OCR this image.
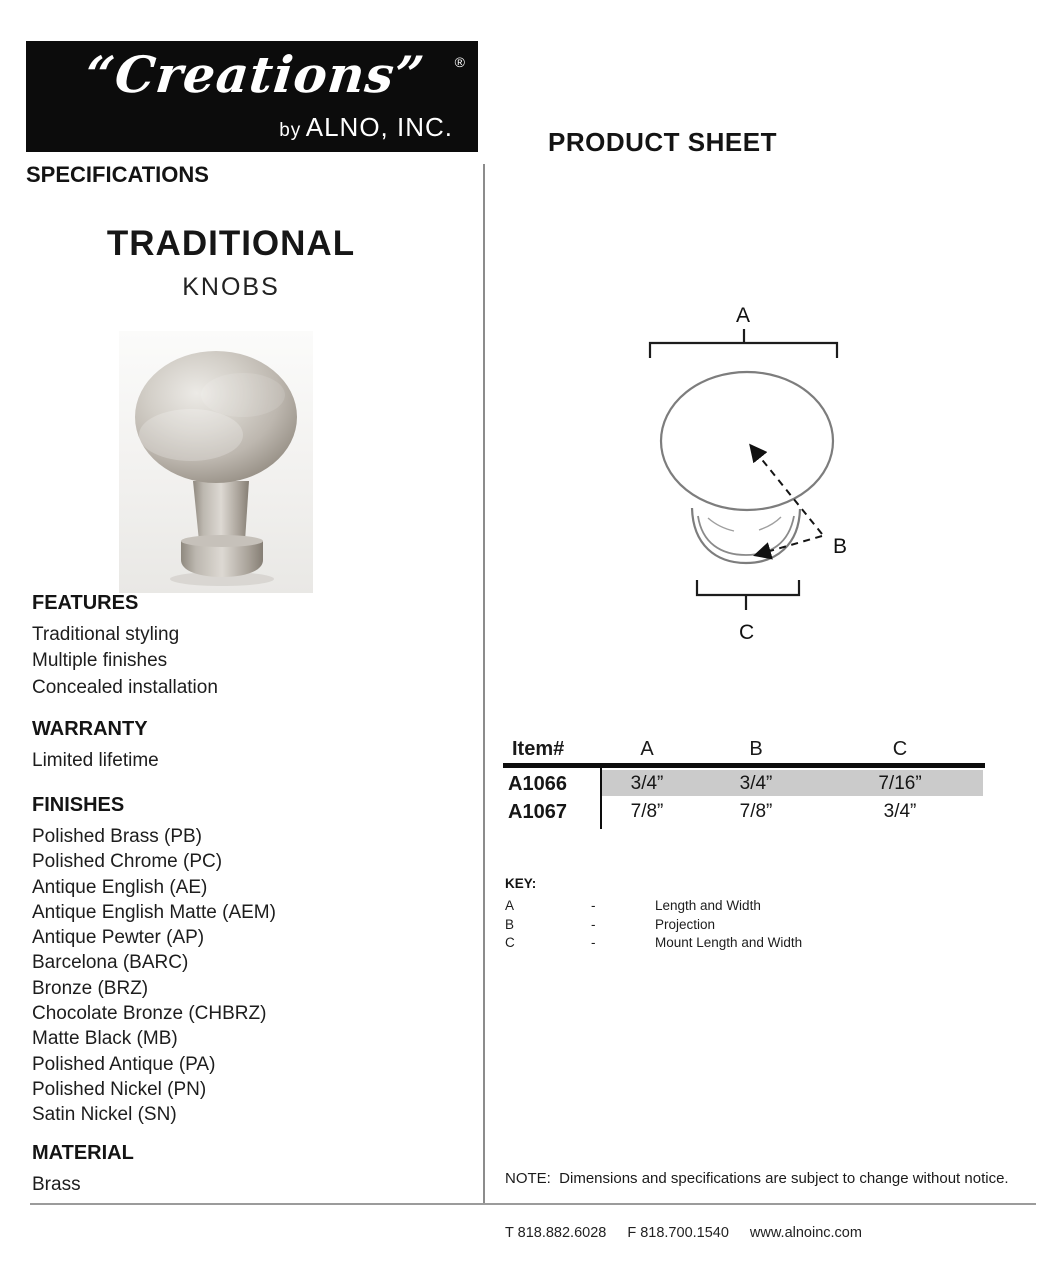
“Creations”	®
by ALNO, INC.	PRODUCT SHEET
SPECIFICATIONS
TRADITIONAL
KNOBS
FEATURES
Traditional styling
Multiple finishes
Concealed installation
WARRANTY
Limited lifetime
FINISHES
Polished Brass (PB)
Polished Chrome (PC)
Antique English (AE)
Antique English Matte (AEM)
Antique Pewter (AP)
Barcelona (BARC)
Bronze (BRZ)
Chocolate Bronze (CHBRZ)
Matte Black (MB)
Polished Antique (PA)
Polished Nickel (PN)
Satin Nickel (SN)
MATERIAL
Brass
A
B
C
Item#	A	B	C
A1066	3/4”	3/4”	7/16”
A1067	7/8”	7/8”	3/4”
KEY:
A	-	Length and Width
B	-	Projection
C	-	Mount Length and Width
NOTE:  Dimensions and specifications are subject to change without notice.
T 818.882.6028 F 818.700.1540 www.alnoinc.com
